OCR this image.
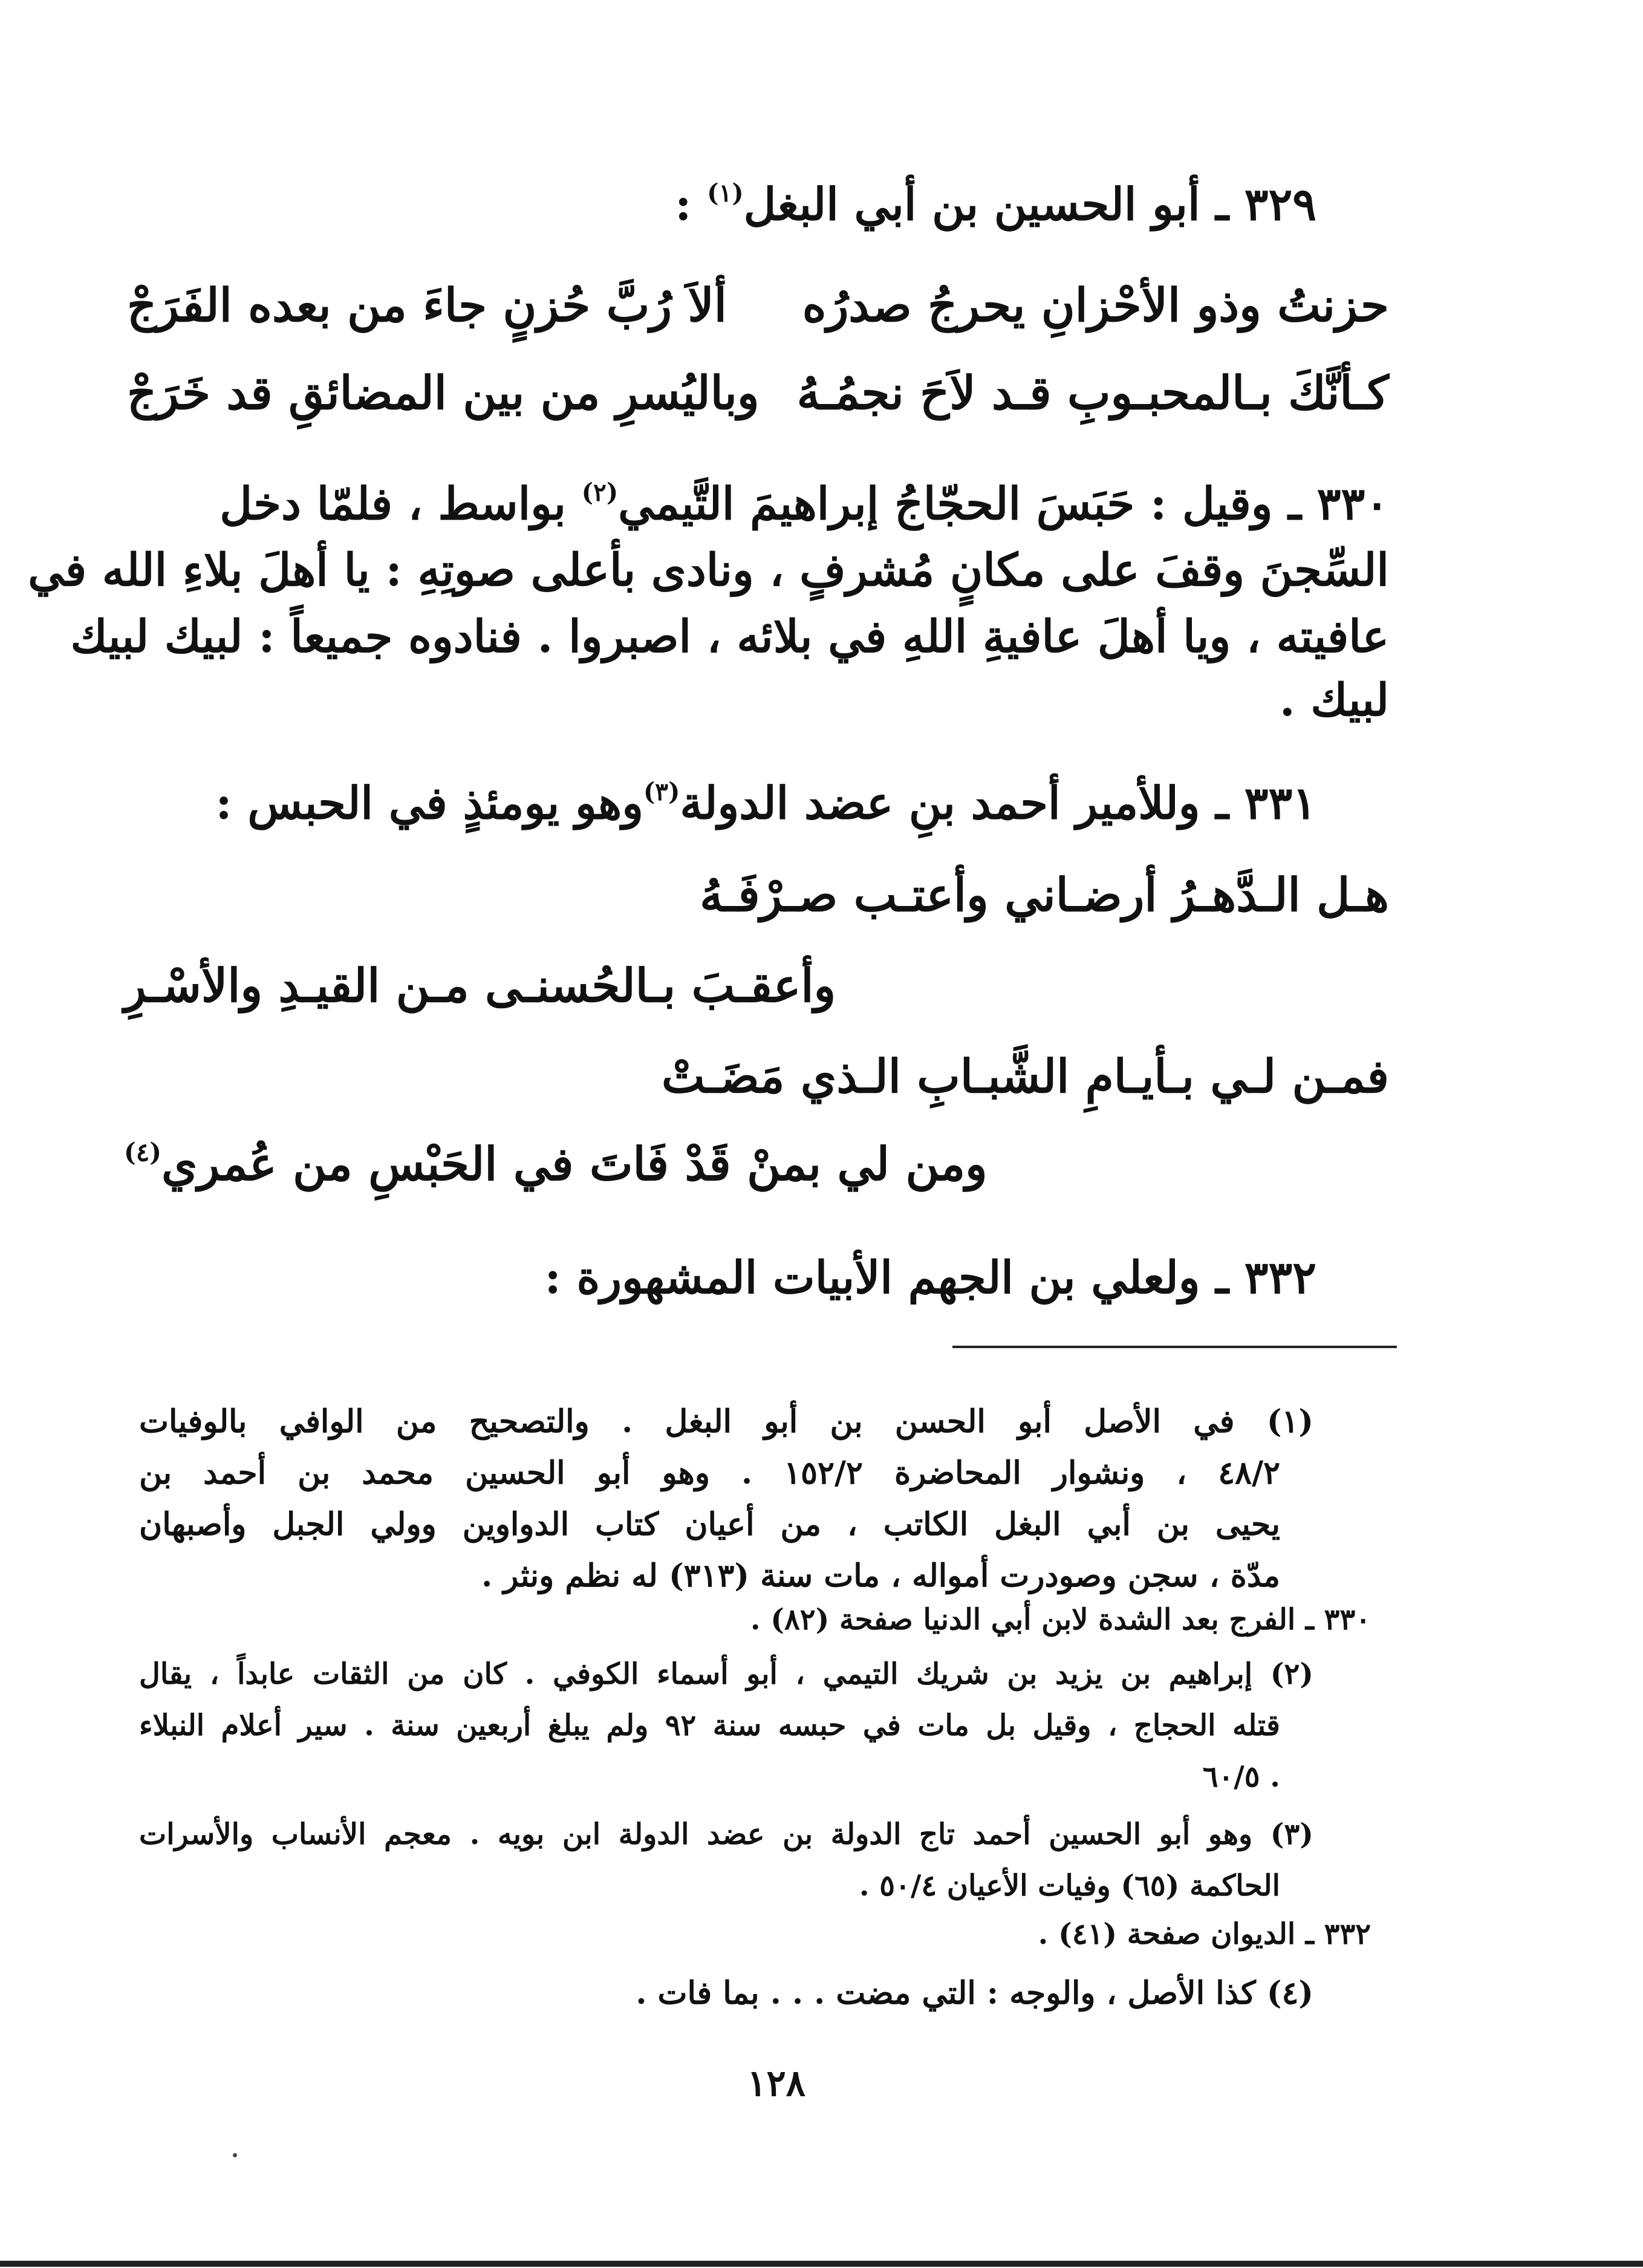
٣٢٩ ـ أبو الحسين بن أبي البغل$^{(١)}$ :
ألاَ رُبَّ حُزنٍ جاءَ من بعده الفَرَجْ حزنتُ وذو الأحْزانِ يحرجُ صدرُه
وباليُسرِ من بين المضائقِ قد خَرَجْ كـأنَّكَ بـالمحبـوبِ قـد لاَحَ نجمُـهُ
٣٣٠ ـ وقيل : حَبَسَ الحجّاجُ إبراهيمَ التَّيمي$^{(٢)}$ بواسط ، فلمّا دخل
السِّجنَ وقفَ على مكانٍ مُشرفٍ ، ونادى بأعلى صوتِهِ : يا أهلَ بلاءِ الله في
عافيته ، ويا أهلَ عافيةِ اللهِ في بلائه ، اصبروا . فنادوه جميعاً : لبيك لبيك
لبيك .
٣٣١ ـ وللأمير أحمد بنِ عضد الدولة$^{(٣)}$وهو يومئذٍ في الحبس :
هـل الـدَّهـرُ أرضـاني وأعتـب صـرْفَـهُ
وأعقـبَ بـالحُسنـى مـن القيـدِ والأسْـرِ
فمـن لـي بـأيـامِ الشَّبـابِ الـذي مَضَـتْ
ومن لي بمنْ قَدْ فَاتَ في الحَبْسِ من عُمري$^{(٤)}$
٣٣٢ ـ ولعلي بن الجهم الأبيات المشهورة :
(١) في الأصل أبو الحسن بن أبو البغل . والتصحيح من الوافي بالوفيات
٤٨/٢ ، ونشوار المحاضرة ١٥٢/٢ . وهو أبو الحسين محمد بن أحمد بن
يحيى بن أبي البغل الكاتب ، من أعيان كتاب الدواوين وولي الجبل وأصبهان
مدّة ، سجن وصودرت أمواله ، مات سنة (٣١٣) له نظم ونثر .
٣٣٠ ـ الفرج بعد الشدة لابن أبي الدنيا صفحة (٨٢) .
(٢) إبراهيم بن يزيد بن شريك التيمي ، أبو أسماء الكوفي . كان من الثقات عابداً ، يقال
قتله الحجاج ، وقيل بل مات في حبسه سنة ٩٢ ولم يبلغ أربعين سنة . سير أعلام النبلاء
٦٠/٥ .
(٣) وهو أبو الحسين أحمد تاج الدولة بن عضد الدولة ابن بويه . معجم الأنساب والأسرات
الحاكمة (٦٥) وفيات الأعيان ٥٠/٤ .
٣٣٢ ـ الديوان صفحة (٤١) .
(٤) كذا الأصل ، والوجه : التي مضت . . . بما فات .
١٢٨
